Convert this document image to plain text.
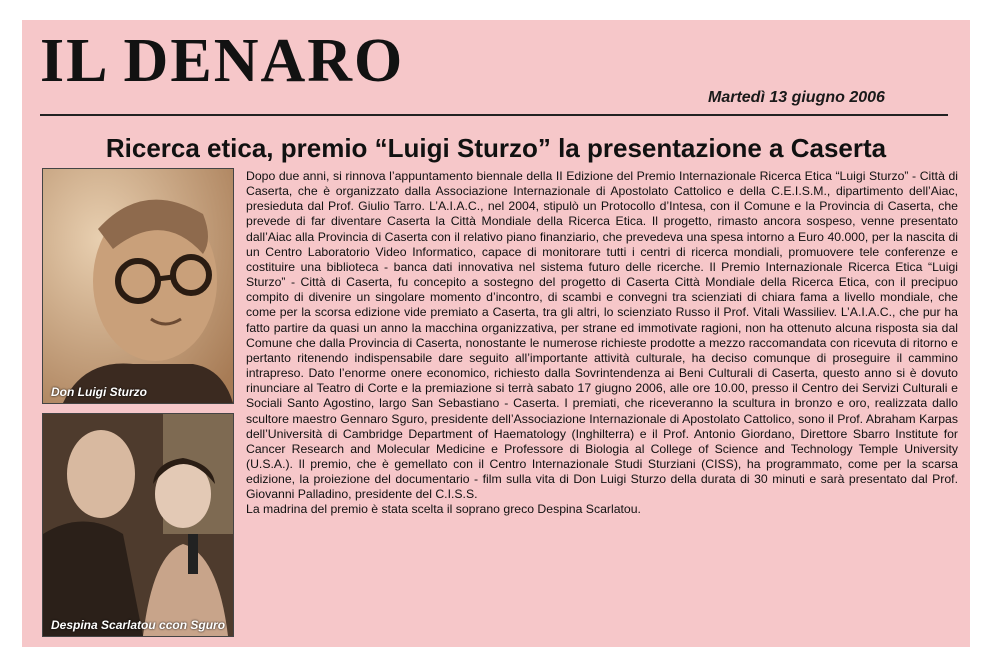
IL DENARO
Martedì 13 giugno 2006
Ricerca etica, premio “Luigi Sturzo” la presentazione a Caserta
Don Luigi Sturzo
Despina Scarlatou ccon Sguro

Dopo due anni, si rinnova l’appuntamento biennale della II Edizione del Premio Internazionale Ricerca Etica “Luigi Sturzo” - Città di Caserta, che è organizzato dalla Associazione Internazionale di Apostolato Cattolico e della C.E.I.S.M., dipartimento dell’Aiac, presieduta dal Prof. Giulio Tarro. L’A.I.A.C., nel 2004, stipulò un Protocollo d’Intesa, con il Comune e la Provincia di Caserta, che prevede di far diventare Caserta la Città Mondiale della Ricerca Etica. Il progetto, rimasto ancora sospeso, venne presentato dall’Aiac alla Provincia di Caserta con il relativo piano finanziario, che prevedeva una spesa intorno a Euro 40.000, per la nascita di un Centro Laboratorio Video Informatico, capace di monitorare tutti i centri di ricerca mondiali, promuovere tele conferenze e costituire una biblioteca - banca dati innovativa nel sistema futuro delle ricerche. Il Premio Internazionale Ricerca Etica “Luigi Sturzo” - Città di Caserta, fu concepito a sostegno del progetto di Caserta Città Mondiale della Ricerca Etica, con il precipuo compito di divenire un singolare momento d’incontro, di scambi e convegni tra scienziati di chiara fama a livello mondiale, che come per la scorsa edizione vide premiato a Caserta, tra gli altri, lo scienziato Russo il Prof. Vitali Wassiliev. L’A.I.A.C., che pur ha fatto partire da quasi un anno la macchina organizzativa, per strane ed immotivate ragioni, non ha ottenuto alcuna risposta sia dal Comune che dalla Provincia di Caserta, nonostante le numerose richieste prodotte a mezzo raccomandata con ricevuta di ritorno e pertanto ritenendo indispensabile dare seguito all’importante attività culturale, ha deciso comunque di proseguire il cammino intrapreso. Dato l’enorme onere economico, richiesto dalla Sovrintendenza ai Beni Culturali di Caserta, questo anno si è dovuto rinunciare al Teatro di Corte e la premiazione si terrà sabato 17 giugno 2006, alle ore 10.00, presso il Centro dei Servizi Culturali e Sociali Santo Agostino, largo San Sebastiano - Caserta. I premiati, che riceveranno la scultura in bronzo e oro, realizzata dallo scultore maestro Gennaro Sguro, presidente dell’Associazione Internazionale di Apostolato Cattolico, sono il Prof. Abraham Karpas dell’Università di Cambridge Department of Haematology (Inghilterra) e il Prof. Antonio Giordano, Direttore Sbarro Institute for Cancer Research and Molecular Medicine e Professore di Biologia al College of Science and Technology Temple University (U.S.A.). Il premio, che è gemellato con il Centro Internazionale Studi Sturziani (CISS), ha programmato, come per la scarsa edizione, la proiezione del documentario - film sulla vita di Don Luigi Sturzo della durata di 30 minuti e sarà presentato dal Prof. Giovanni Palladino, presidente del C.I.S.S.

La madrina del premio è stata scelta il soprano greco Despina Scarlatou.
